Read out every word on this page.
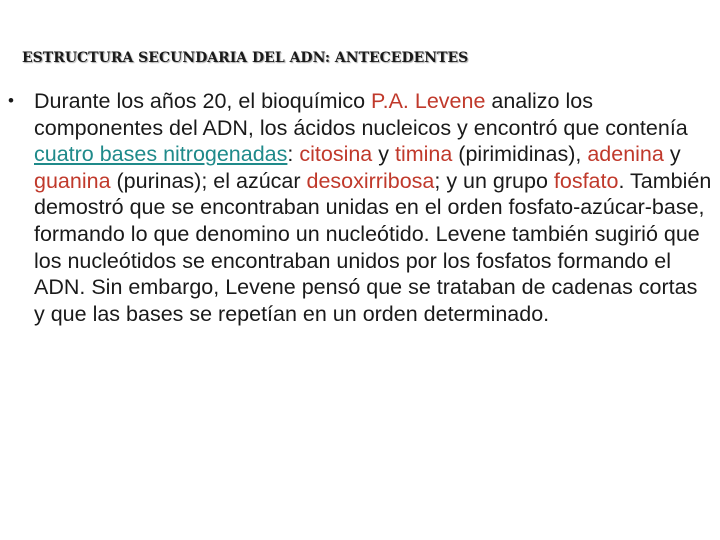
ESTRUCTURA SECUNDARIA DEL ADN: ANTECEDENTES
• Durante los años 20, el bioquímico P.A. Levene analizo los componentes del ADN, los ácidos nucleicos y encontró que contenía cuatro bases nitrogenadas: citosina y timina (pirimidinas), adenina y guanina (purinas); el azúcar desoxirribosa; y un grupo fosfato. También demostró que se encontraban unidas en el orden fosfato-azúcar-base, formando lo que denomino un nucleótido. Levene también sugirió que los nucleótidos se encontraban unidos por los fosfatos formando el ADN. Sin embargo, Levene pensó que se trataban de cadenas cortas y que las bases se repetían en un orden determinado.
